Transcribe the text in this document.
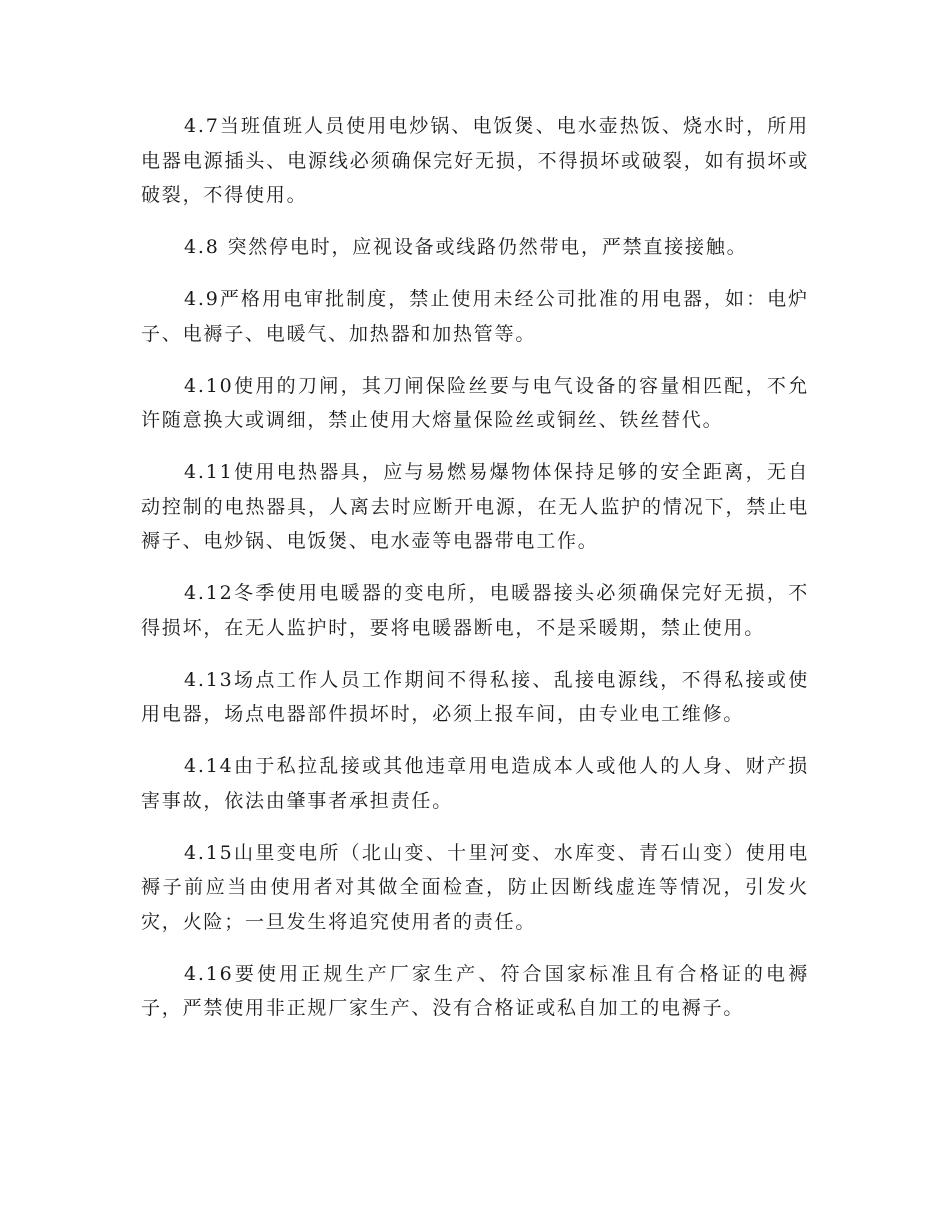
4.7当班值班人员使用电炒锅、电饭煲、电水壶热饭、烧水时，所用电器电源插头、电源线必须确保完好无损，不得损坏或破裂，如有损坏或破裂，不得使用。

4.8 突然停电时，应视设备或线路仍然带电，严禁直接接触。

4.9严格用电审批制度，禁止使用未经公司批准的用电器，如：电炉子、电褥子、电暖气、加热器和加热管等。

4.10使用的刀闸，其刀闸保险丝要与电气设备的容量相匹配，不允许随意换大或调细，禁止使用大熔量保险丝或铜丝、铁丝替代。

4.11使用电热器具，应与易燃易爆物体保持足够的安全距离，无自动控制的电热器具，人离去时应断开电源，在无人监护的情况下，禁止电褥子、电炒锅、电饭煲、电水壶等电器带电工作。

4.12冬季使用电暖器的变电所，电暖器接头必须确保完好无损，不得损坏，在无人监护时，要将电暖器断电，不是采暖期，禁止使用。

4.13场点工作人员工作期间不得私接、乱接电源线，不得私接或使用电器，场点电器部件损坏时，必须上报车间，由专业电工维修。

4.14由于私拉乱接或其他违章用电造成本人或他人的人身、财产损害事故，依法由肇事者承担责任。

4.15山里变电所（北山变、十里河变、水库变、青石山变）使用电褥子前应当由使用者对其做全面检查，防止因断线虚连等情况，引发火灾，火险；一旦发生将追究使用者的责任。

4.16要使用正规生产厂家生产、符合国家标准且有合格证的电褥子，严禁使用非正规厂家生产、没有合格证或私自加工的电褥子。
